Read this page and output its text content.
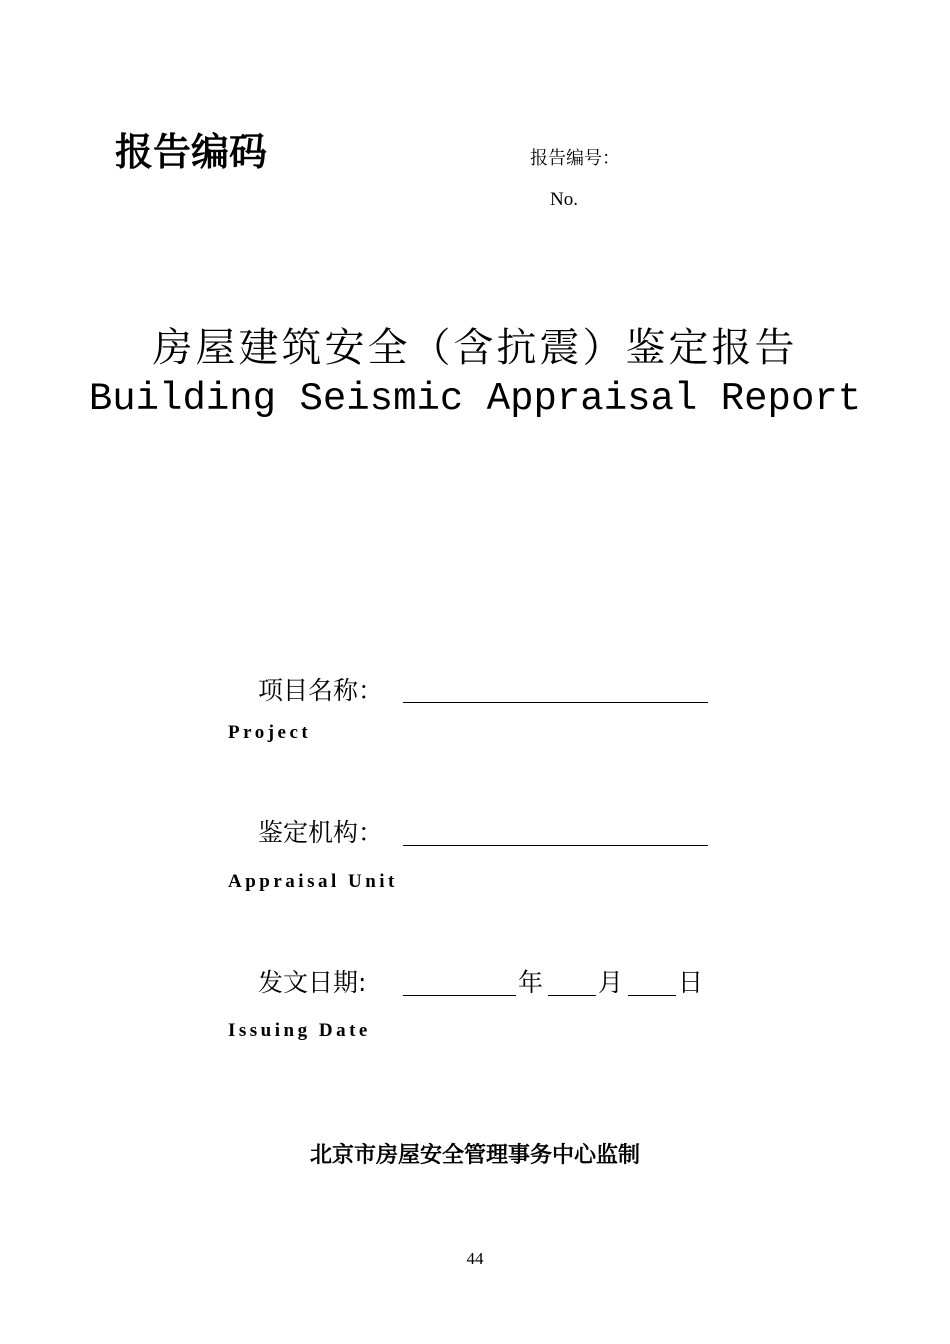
报告编码	报告编号：
No.
房屋建筑安全（含抗震）鉴定报告
Building Seismic Appraisal Report
项目名称：
Project
鉴定机构：
Appraisal Unit
发文日期:	年 月 日
Issuing Date
北京市房屋安全管理事务中心监制
44
